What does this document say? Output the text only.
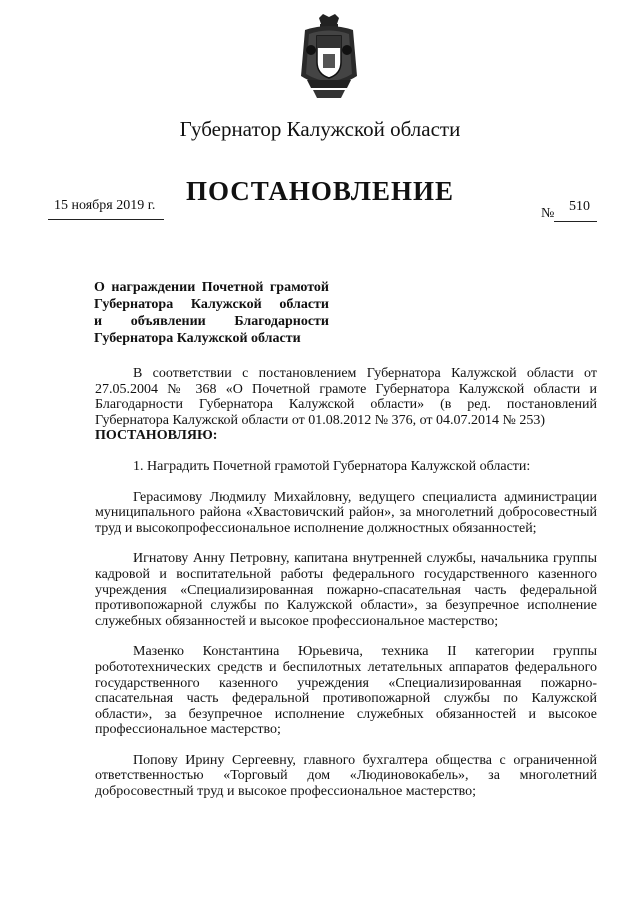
Губернатор Калужской области
ПОСТАНОВЛЕНИЕ
15 ноября 2019 г.
№ 510
О награждении Почетной грамотой
Губернатора Калужской области
и объявлении Благодарности
Губернатора Калужской области

В соответствии с постановлением Губернатора Калужской области от 27.05.2004 № 368 «О Почетной грамоте Губернатора Калужской области и Благодарности Губернатора Калужской области» (в ред. постановлений Губернатора Калужской области от 01.08.2012 № 376, от 04.07.2014 № 253)

ПОСТАНОВЛЯЮ:

1. Наградить Почетной грамотой Губернатора Калужской области:

Герасимову Людмилу Михайловну, ведущего специалиста администрации муниципального района «Хвастовичский район», за многолетний добросовестный труд и высокопрофессиональное исполнение должностных обязанностей;

Игнатову Анну Петровну, капитана внутренней службы, начальника группы кадровой и воспитательной работы федерального государственного казенного учреждения «Специализированная пожарно-спасательная часть федеральной противопожарной службы по Калужской области», за безупречное исполнение служебных обязанностей и высокое профессиональное мастерство;

Мазенко Константина Юрьевича, техника II категории группы робототехнических средств и беспилотных летательных аппаратов федерального государственного казенного учреждения «Специализированная пожарно-спасательная часть федеральной противопожарной службы по Калужской области», за безупречное исполнение служебных обязанностей и высокое профессиональное мастерство;

Попову Ирину Сергеевну, главного бухгалтера общества с ограниченной ответственностью «Торговый дом «Людиновокабель», за многолетний добросовестный труд и высокое профессиональное мастерство;
